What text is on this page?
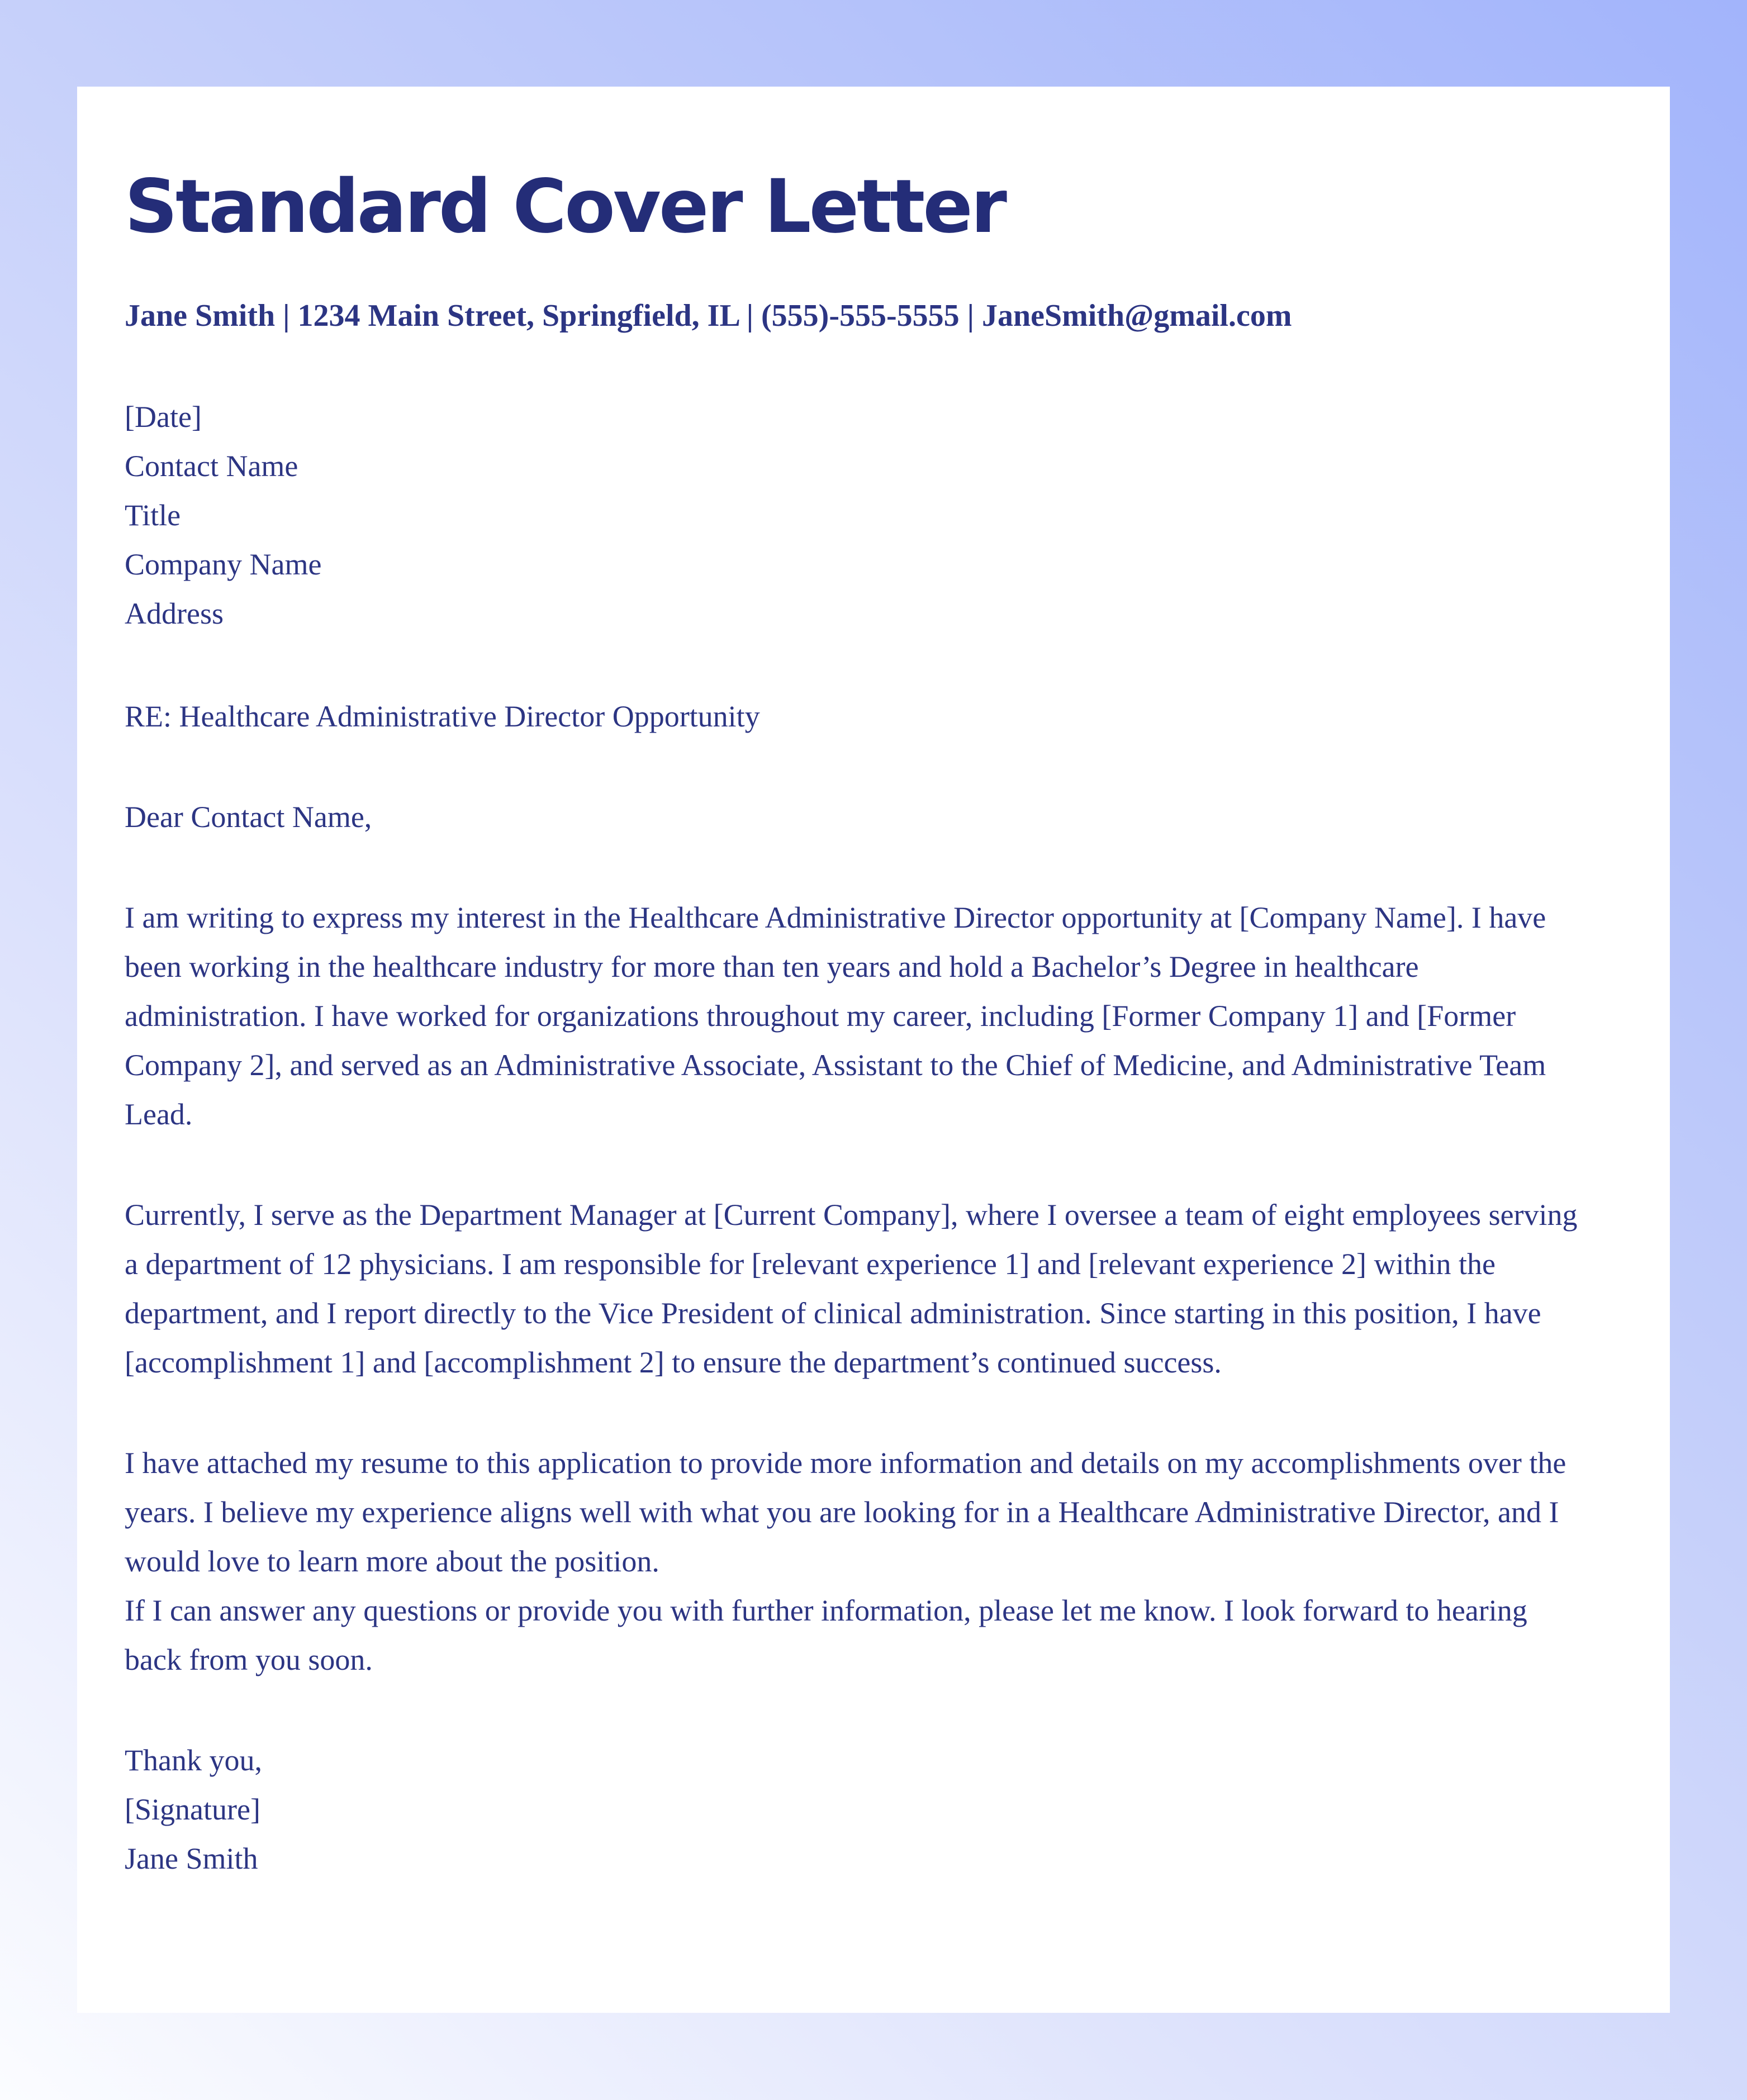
Standard Cover Letter

Jane Smith | 1234 Main Street, Springfield, IL | (555)-555-5555 | JaneSmith@gmail.com

[Date]
Contact Name
Title
Company Name
Address

RE: Healthcare Administrative Director Opportunity

Dear Contact Name,

I am writing to express my interest in the Healthcare Administrative Director opportunity at [Company Name]. I have been working in the healthcare industry for more than ten years and hold a Bachelor’s Degree in healthcare administration. I have worked for organizations throughout my career, including [Former Company 1] and [Former Company 2], and served as an Administrative Associate, Assistant to the Chief of Medicine, and Administrative Team Lead.

Currently, I serve as the Department Manager at [Current Company], where I oversee a team of eight employees serving a department of 12 physicians. I am responsible for [relevant experience 1] and [relevant experience 2] within the department, and I report directly to the Vice President of clinical administration. Since starting in this position, I have [accomplishment 1] and [accomplishment 2] to ensure the department’s continued success.

I have attached my resume to this application to provide more information and details on my accomplishments over the years. I believe my experience aligns well with what you are looking for in a Healthcare Administrative Director, and I would love to learn more about the position.
If I can answer any questions or provide you with further information, please let me know. I look forward to hearing back from you soon.

Thank you,
[Signature]
Jane Smith
